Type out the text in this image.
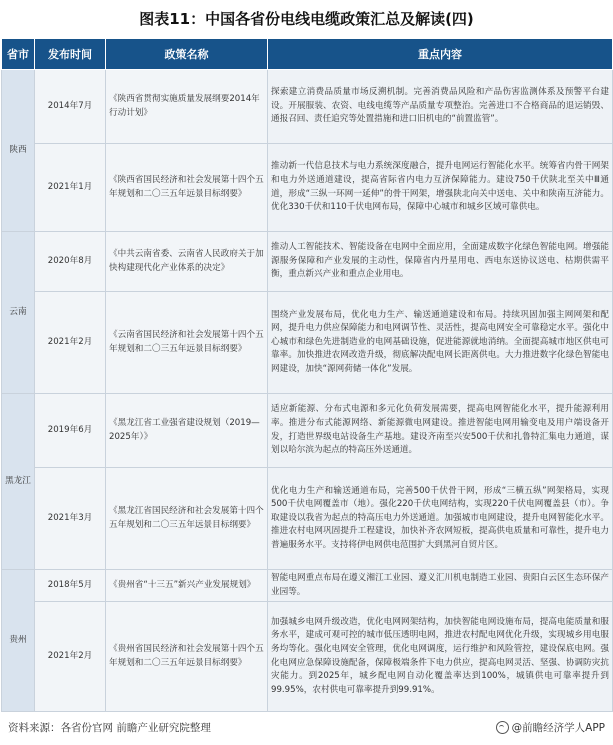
图表11：中国各省份电线电缆政策汇总及解读(四)
省市	发布时间	政策名称	重点内容
陕西	2014年7月	《陕西省贯彻实施质量发展纲要2014年行动计划》	探索建立消费品质量市场反溯机制。完善消费品风险和产品伤害监测体系及预警平台建设。开展服装、农资、电线电缆等产品质量专项整治。完善进口不合格商品的退运销毁、通报召回、责任追究等处置措施和进口旧机电的“前置监管”。
	2021年1月	《陕西省国民经济和社会发展第十四个五年规划和二〇三五年远景目标纲要》	推动新一代信息技术与电力系统深度融合，提升电网运行智能化水平。统筹省内骨干网架和电力外送通道建设，提高省际省内电力互济保障能力。建设750千伏陕北至关中Ⅲ通道，形成“三纵一环网一延伸”的骨干网架，增强陕北向关中送电、关中和陕南互济能力。优化330千伏和110千伏电网布局，保障中心城市和城乡区域可靠供电。
云南	2020年8月	《中共云南省委、云南省人民政府关于加快构建现代化产业体系的决定》	推动人工智能技术、智能设备在电网中全面应用，全面建成数字化绿色智能电网。增强能源服务保障和产业发展的主动性，保障省内丹星用电、西电东送协议送电、枯期供需平衡，重点新兴产业和重点企业用电。
	2021年2月	《云南省国民经济和社会发展第十四个五年规划和二〇三五年远景目标纲要》	围绕产业发展布局，优化电力生产、输送通道建设和布局。持续巩固加强主网网架和配网，提升电力供应保障能力和电网调节性、灵活性，提高电网安全可靠稳定水平。强化中心城市和绿色先进制造业的电网基础设施，促进能源就地消纳。全面提高城市地区供电可靠率。加快推进农网改造升级，彻底解决配电网长距离供电。大力推进数字化绿色智能电网建设，加快“源网荷储一体化”发展。
黑龙江	2019年6月	《黑龙江省工业强省建设规划（2019—2025年）》	适应新能源、分布式电源和多元化负荷发展需要，提高电网智能化水平，提升能源利用率。推进分布式能源网络、新能源微电网建设。推进智能电网用输变电及用户端设备开发，打造世界级电站设备生产基地。建设齐南至兴安500千伏和扎鲁特汇集电力通道，谋划以哈尔滨为起点的特高压外送通道。
	2021年3月	《黑龙江省国民经济和社会发展第十四个五年规划和二〇三五年远景目标纲要》	优化电力生产和输送通道布局，完善500千伏骨干网，形成“三横五纵”网架格局，实现500千伏电网覆盖市（地）。强化220千伏电网结构，实现220千伏电网覆盖县（市）。争取建设以我省为起点的特高压电力外送通道。加强城市电网建设，提升电网智能化水平。推进农村电网巩固提升工程建设，加快补齐农网短板，提高供电质量和可靠性，提升电力普遍服务水平。支持将伊电网供电范围扩大到黑河自贸片区。
贵州	2018年5月	《贵州省“十三五”新兴产业发展规划》	智能电网重点布局在遵义湘江工业园、遵义汇川机电制造工业园、贵阳白云区生态环保产业园等。
	2021年2月	《贵州省国民经济和社会发展第十四个五年规划和二〇三五年远景目标纲要》	加强城乡电网升级改造，优化电网网架结构，加快智能电网设施布局，提高电能质量和服务水平，建成可观可控的城市低压透明电网，推进农村配电网优化升级，实现城乡用电服务均等化。强化电网安全管理，优化电网调度，运行维护和风险管控，建设保底电网。强化电网应急保障设施配备，保障极端条件下电力供应，提高电网灵活、坚强、协调防灾抗灾能力。到2025年，城乡配电网自动化覆盖率达到100%，城镇供电可靠率提升到99.95%，农村供电可靠率提升到99.91%。
资料来源：各省份官网 前瞻产业研究院整理	@前瞻经济学人APP
